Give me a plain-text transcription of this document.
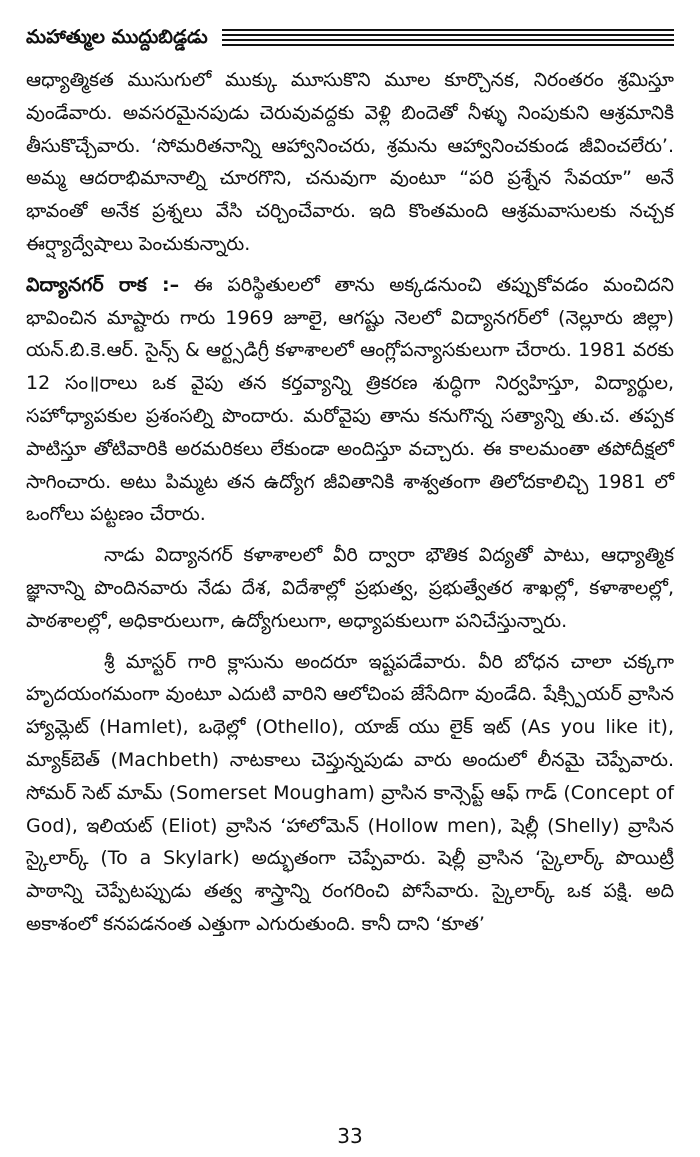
మహాత్ముల ముద్దుబిడ్డడు

ఆధ్యాత్మికత ముసుగులో ముక్కు మూసుకొని మూల కూర్చొనక, నిరంతరం శ్రమిస్తూ వుండేవారు. అవసరమైనపుడు చెరువువద్దకు వెళ్లి బిందెతో నీళ్ళు నింపుకుని ఆశ్రమానికి తీసుకొచ్చేవారు. ‘సోమరితనాన్ని ఆహ్వానించరు, శ్రమను ఆహ్వానించకుండ జీవించలేరు’. అమ్మ ఆదరాభిమానాల్ని చూరగొని, చనువుగా వుంటూ “పరి ప్రశ్నేన సేవయా” అనే భావంతో అనేక ప్రశ్నలు వేసి చర్చించేవారు. ఇది కొంతమంది ఆశ్రమవాసులకు నచ్చక ఈర్ష్యాద్వేషాలు పెంచుకున్నారు.

విద్యానగర్ రాక :– ఈ పరిస్థితులలో తాను అక్కడనుంచి తప్పుకోవడం మంచిదని భావించిన మాష్టారు గారు 1969 జూలై, ఆగష్టు నెలలో విద్యానగర్‌లో (నెల్లూరు జిల్లా) యన్.బి.కె.ఆర్. సైన్స్ & ఆర్ట్సడిగ్రీ కళాశాలలో ఆంగ్లోపన్యాసకులుగా చేరారు. 1981 వరకు 12 సం॥రాలు ఒక వైపు తన కర్తవ్యాన్ని త్రికరణ శుద్ధిగా నిర్వహిస్తూ, విద్యార్థుల, సహోధ్యాపకుల ప్రశంసల్ని పొందారు. మరోవైపు తాను కనుగొన్న సత్యాన్ని తు.చ. తప్పక పాటిస్తూ తోటివారికి అరమరికలు లేకుండా అందిస్తూ వచ్చారు. ఈ కాలమంతా తపోదీక్షలో సాగించారు. అటు పిమ్మట తన ఉద్యోగ జీవితానికి శాశ్వతంగా తిలోదకాలిచ్చి 1981 లో ఒంగోలు పట్టణం చేరారు.

నాడు విద్యానగర్ కళాశాలలో వీరి ద్వారా భౌతిక విద్యతో పాటు, ఆధ్యాత్మిక జ్ఞానాన్ని పొందినవారు నేడు దేశ, విదేశాల్లో ప్రభుత్వ, ప్రభుత్వేతర శాఖల్లో, కళాశాలల్లో, పాఠశాలల్లో, అధికారులుగా, ఉద్యోగులుగా, అధ్యాపకులుగా పనిచేస్తున్నారు.

శ్రీ మాస్టర్ గారి క్లాసును అందరూ ఇష్టపడేవారు. వీరి బోధన చాలా చక్కగా హృదయంగమంగా వుంటూ ఎదుటి వారిని ఆలోచింప జేసేదిగా వుండేది. షేక్స్పియర్ వ్రాసిన హ్యామ్లెట్ (Hamlet), ఒథెల్లో (Othello), యాజ్ యు లైక్ ఇట్ (As you like it), మ్యాక్‌బెత్ (Machbeth) నాటకాలు చెప్తున్నపుడు వారు అందులో లీనమై చెప్పేవారు. సోమర్ సెట్ మామ్ (Somerset Mougham) వ్రాసిన కాన్సెప్ట్ ఆఫ్ గాడ్ (Concept of God), ఇలియట్ (Eliot) వ్రాసిన ‘హాలోమెన్ (Hollow men), షెల్లీ (Shelly) వ్రాసిన స్కైలార్క్ (To a Skylark) అద్భుతంగా చెప్పేవారు. షెల్లీ వ్రాసిన ‘స్కైలార్క్ పొయిట్రీ పాఠాన్ని చెప్పేటప్పుడు తత్వ శాస్త్రాన్ని రంగరించి పోసేవారు. స్కైలార్క్ ఒక పక్షి. అది అకాశంలో కనపడనంత ఎత్తుగా ఎగురుతుంది. కానీ దాని ‘కూత’

33
